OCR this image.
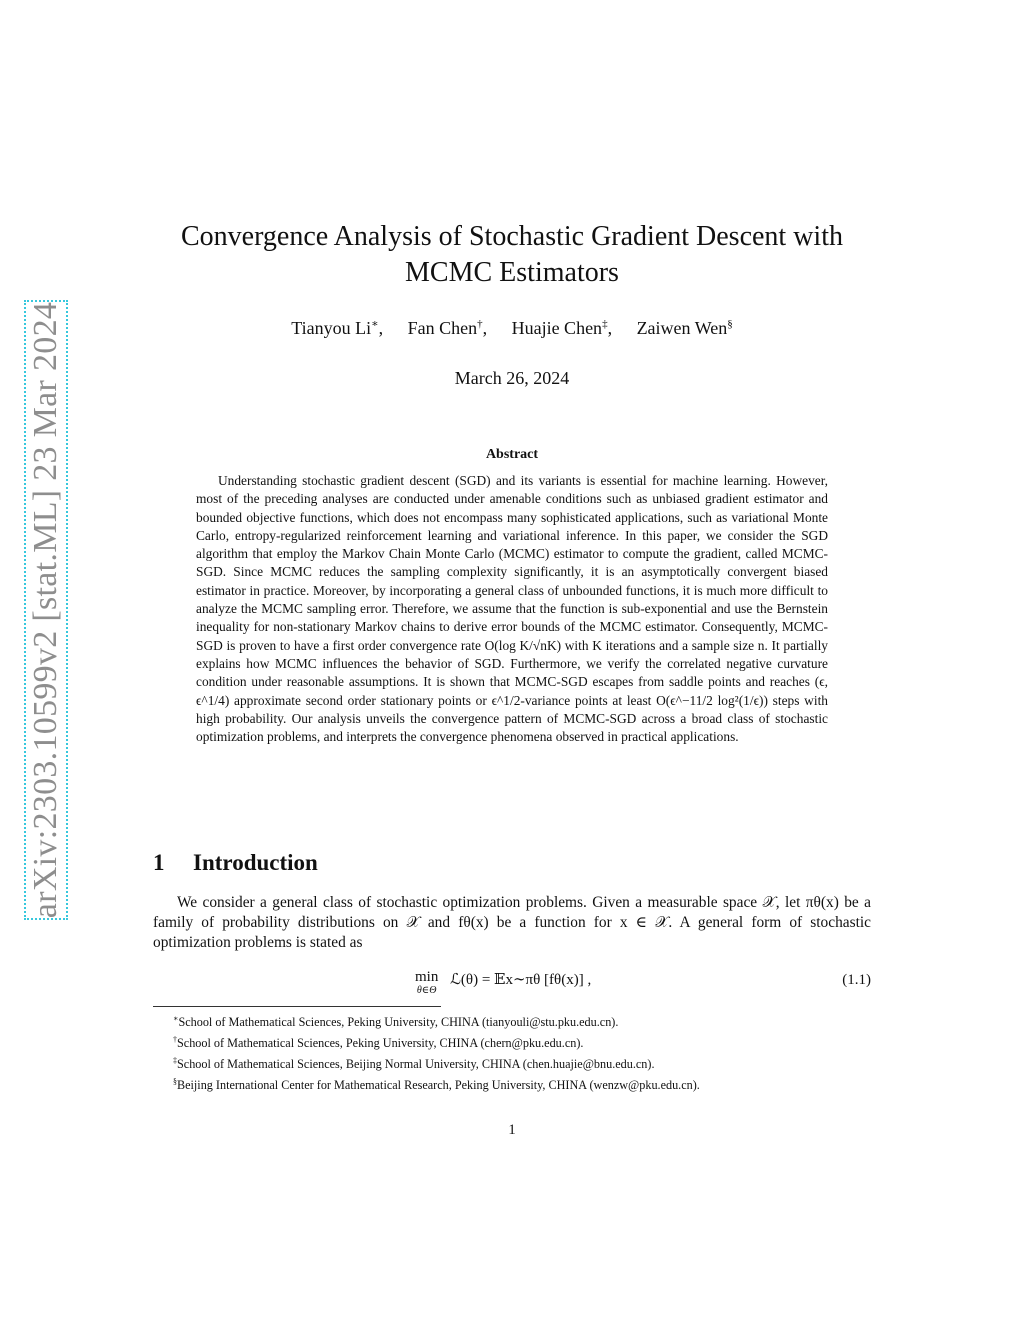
arXiv:2303.10599v2 [stat.ML] 23 Mar 2024
Convergence Analysis of Stochastic Gradient Descent with MCMC Estimators
Tianyou Li∗, Fan Chen†, Huajie Chen‡, Zaiwen Wen§
March 26, 2024
Abstract
Understanding stochastic gradient descent (SGD) and its variants is essential for machine learning. However, most of the preceding analyses are conducted under amenable conditions such as unbiased gradient estimator and bounded objective functions, which does not encompass many sophisticated applications, such as variational Monte Carlo, entropy-regularized reinforcement learning and variational inference. In this paper, we consider the SGD algorithm that employ the Markov Chain Monte Carlo (MCMC) estimator to compute the gradient, called MCMC-SGD. Since MCMC reduces the sampling complexity significantly, it is an asymptotically convergent biased estimator in practice. Moreover, by incorporating a general class of unbounded functions, it is much more difficult to analyze the MCMC sampling error. Therefore, we assume that the function is sub-exponential and use the Bernstein inequality for non-stationary Markov chains to derive error bounds of the MCMC estimator. Consequently, MCMC-SGD is proven to have a first order convergence rate O(log K/√nK) with K iterations and a sample size n. It partially explains how MCMC influences the behavior of SGD. Furthermore, we verify the correlated negative curvature condition under reasonable assumptions. It is shown that MCMC-SGD escapes from saddle points and reaches (ϵ, ϵ^1/4) approximate second order stationary points or ϵ^1/2-variance points at least O(ϵ^−11/2 log²(1/ϵ)) steps with high probability. Our analysis unveils the convergence pattern of MCMC-SGD across a broad class of stochastic optimization problems, and interprets the convergence phenomena observed in practical applications.
1 Introduction
We consider a general class of stochastic optimization problems. Given a measurable space 𝒳, let πθ(x) be a family of probability distributions on 𝒳 and fθ(x) be a function for x ∈ 𝒳. A general form of stochastic optimization problems is stated as
min
θ∈Θ
ℒ(θ) = 𝔼x∼πθ [fθ(x)] ,	(1.1)
∗School of Mathematical Sciences, Peking University, CHINA (tianyouli@stu.pku.edu.cn).
†School of Mathematical Sciences, Peking University, CHINA (chern@pku.edu.cn).
‡School of Mathematical Sciences, Beijing Normal University, CHINA (chen.huajie@bnu.edu.cn).
§Beijing International Center for Mathematical Research, Peking University, CHINA (wenzw@pku.edu.cn).
1
